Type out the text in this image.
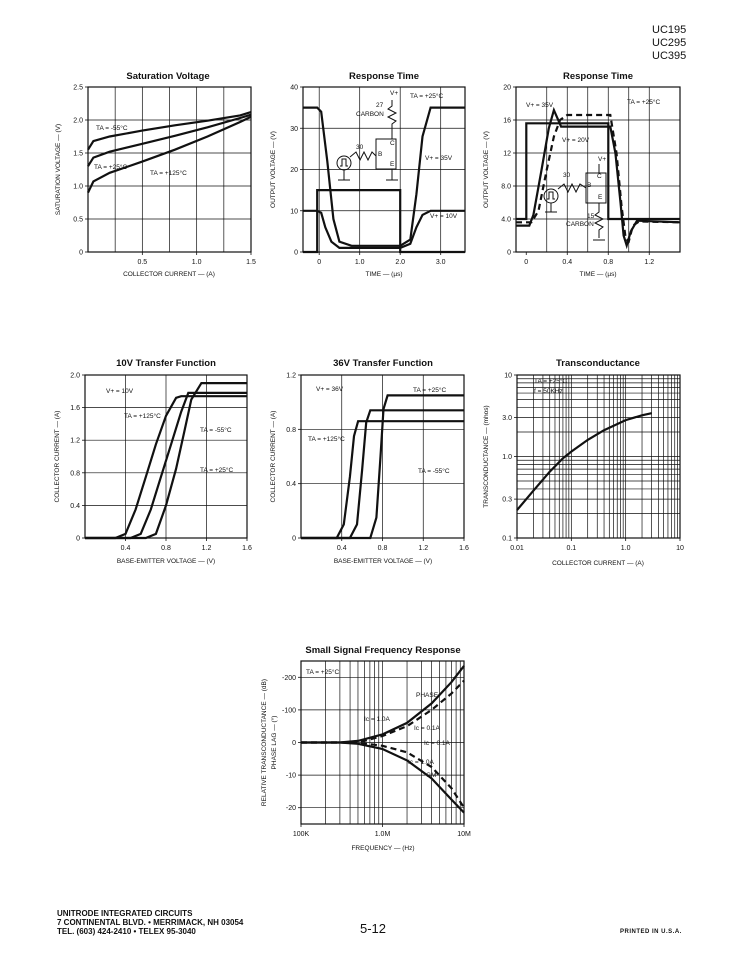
UC195
UC295
UC395
Saturation Voltage
0.5	1.0	1.5
0
0.5
1.0
1.5
2.0
2.5
COLLECTOR CURRENT — (A)
SATURATION VOLTAGE — (V)	TA = -55°C
TA = +25°C
TA = +125°C
Response Time
0	1.0	2.0	3.0
0
10
20
30
40
TIME — (µs)
OUTPUT VOLTAGE — (V)
V+ TA = +25°C
27
CARBON
30
C
B
E
V+ = 35V
V+ = 10V
Response Time
0	0.4	0.8	1.2
0
4.0
8.0
12
16
20
TIME — (µs)
OUTPUT VOLTAGE — (V)
V+ = 35V	TA = +25°C
V+ = 20V
V+
30	C
B
E
15
CARBON
10V Transfer Function
0.4	0.8	1.2	1.6
0
0.4
0.8
1.2
1.6
2.0
BASE-EMITTER VOLTAGE — (V)
COLLECTOR CURRENT — (A)
V+ = 10V
TA = +125°C
TA = -55°C
TA = +25°C
36V Transfer Function
0.4	0.8	1.2	1.6
0
0.4
0.8
1.2
BASE-EMITTER VOLTAGE — (V)
COLLECTOR CURRENT — (A)
V+ = 36V	TA = +25°C
TA = +125°C
TA = -55°C
Transconductance
0.01	0.1	1.0	10
0.1
0.3
1.0
3.0
10
COLLECTOR CURRENT — (A)
TRANSCONDUCTANCE — (mhos)
TA = +25°C
f = 50KHz
Small Signal Frequency Response
100K	1.0M	10M
-20
-10
0
-100
-200
FREQUENCY — (Hz)
RELATIVE TRANSCONDUCTANCE — (dB) PHASE LAG — (°)
TA = +25°C
PHASE
Ic = 1.0A
Ic = 0.1A
Ic = 0.1A
Ic = 1.0A
GM
UNITRODE INTEGRATED CIRCUITS
7 CONTINENTAL BLVD. • MERRIMACK, NH 03054
TEL. (603) 424-2410 • TELEX 95-3040	5-12	PRINTED IN U.S.A.
